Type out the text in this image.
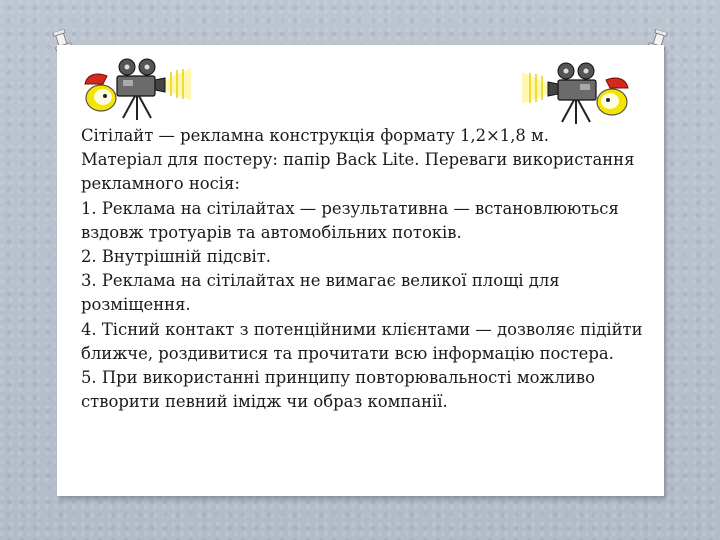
Сітілайт — рекламна конструкція формату 1,2×1,8 м.
Матеріал для постеру: папір Back Lite. Переваги використання
рекламного носія:
1. Реклама на сітілайтах — результативна — встановлюються
вздовж тротуарів та автомобільних потоків.
2. Внутрішній підсвіт.
3. Реклама на сітілайтах не вимагає великої площі для
розміщення.
4. Тісний контакт з потенційними клієнтами — дозволяє підійти
ближче, роздивитися та прочитати всю інформацію постера.
5. При використанні принципу повторювальності можливо
створити певний імідж чи образ компанії.
